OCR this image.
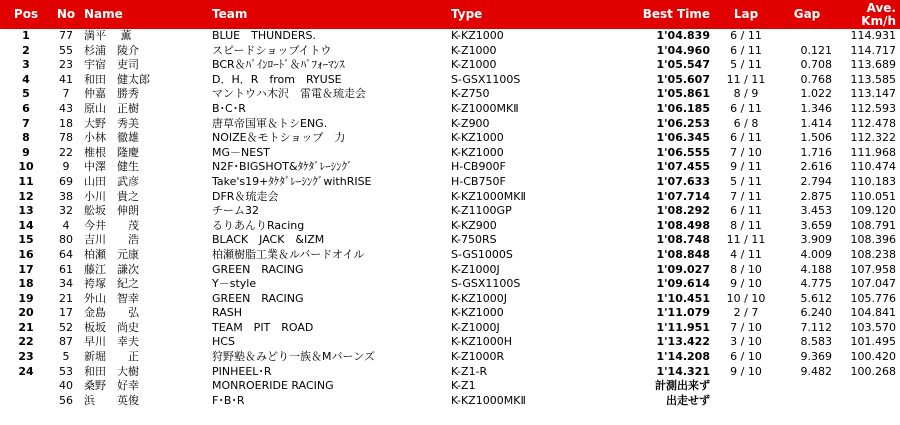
Pos	No	Name	Team	Type	Best Time	Lap	Gap	Ave.
Km/h
1	77	満平　 薫	BLUE　THUNDERS.	K-KZ1000	1'04.839	6 / 11		114.931
2	55	杉浦　陵介	スピードショップイトウ	K-Z1000	1'04.960	6 / 11	0.121	114.717
3	23	宇宿　吏司	BCR＆ﾊﾟｲﾝﾛｰﾄﾞ＆ﾊﾟﾌｫｰﾏﾝｽ	K-Z1000	1'05.547	5 / 11	0.708	113.689
4	41	和田　健太郎	D．H．R　from　RYUSE	S-GSX1100S	1'05.607	11 / 11	0.768	113.585
5	7	仲嘉　勝秀	マントウハ木沢　雷電＆琉走会	K-Z750	1'05.861	8 / 9	1.022	113.147
6	43	原山　正樹	B･C･R	K-Z1000MKⅡ	1'06.185	6 / 11	1.346	112.593
7	18	大野　秀美	唐草帝国軍＆トシENG.	K-Z900	1'06.253	6 / 8	1.414	112.478
8	78	小林　徹雄	NOIZE＆モトショップ　力	K-KZ1000	1'06.345	6 / 11	1.506	112.322
9	22	椎根　隆慶	MG－NEST	K-KZ1000	1'06.555	7 / 10	1.716	111.968
10	9	中澤　健生	N2F･BIGSHOT&ﾀｹﾀﾞﾚｰｼﾝｸﾞ	H-CB900F	1'07.455	9 / 11	2.616	110.474
11	69	山田　武彦	Take's19+ﾀｹﾀﾞﾚｰｼﾝｸﾞwithRISE	H-CB750F	1'07.633	5 / 11	2.794	110.183
12	38	小川　貴之	DFR＆琉走会	K-KZ1000MKⅡ	1'07.714	7 / 11	2.875	110.051
13	32	舩坂　伸朗	チーム32	K-Z1100GP	1'08.292	6 / 11	3.453	109.120
14	4	今井　　茂	るりあんりRacing	K-KZ900	1'08.498	8 / 11	3.659	108.791
15	80	吉川　　浩	BLACK　JACK　&IZM	K-750RS	1'08.748	11 / 11	3.909	108.396
16	64	柏瀬　元康	柏瀬樹脂工業＆ルバードオイル	S-GS1000S	1'08.848	4 / 11	4.009	108.238
17	61	藤江　謙次	GREEN　RACING	K-Z1000J	1'09.027	8 / 10	4.188	107.958
18	34	袴塚　紀之	Y－style	S-GSX1100S	1'09.614	9 / 10	4.775	107.047
19	21	外山　智幸	GREEN　RACING	K-KZ1000J	1'10.451	10 / 10	5.612	105.776
20	17	金島　　弘	RASH	K-KZ1000	1'11.079	2 / 7	6.240	104.841
21	52	板坂　尚史	TEAM　PIT　ROAD	K-Z1000J	1'11.951	7 / 10	7.112	103.570
22	87	早川　幸夫	HCS	K-KZ1000H	1'13.422	3 / 10	8.583	101.495
23	5	新堀　　正	狩野塾＆みどり一族＆Mバーンズ	K-Z1000R	1'14.208	6 / 10	9.369	100.420
24	53	和田　大樹	PINHEEL･R	K-Z1-R	1'14.321	9 / 10	9.482	100.268
	40	桑野　好幸	MONROERIDE RACING	K-Z1	計測出来ず			
	56	浜　　英俊	F･B･R	K-KZ1000MKⅡ	出走せず			
